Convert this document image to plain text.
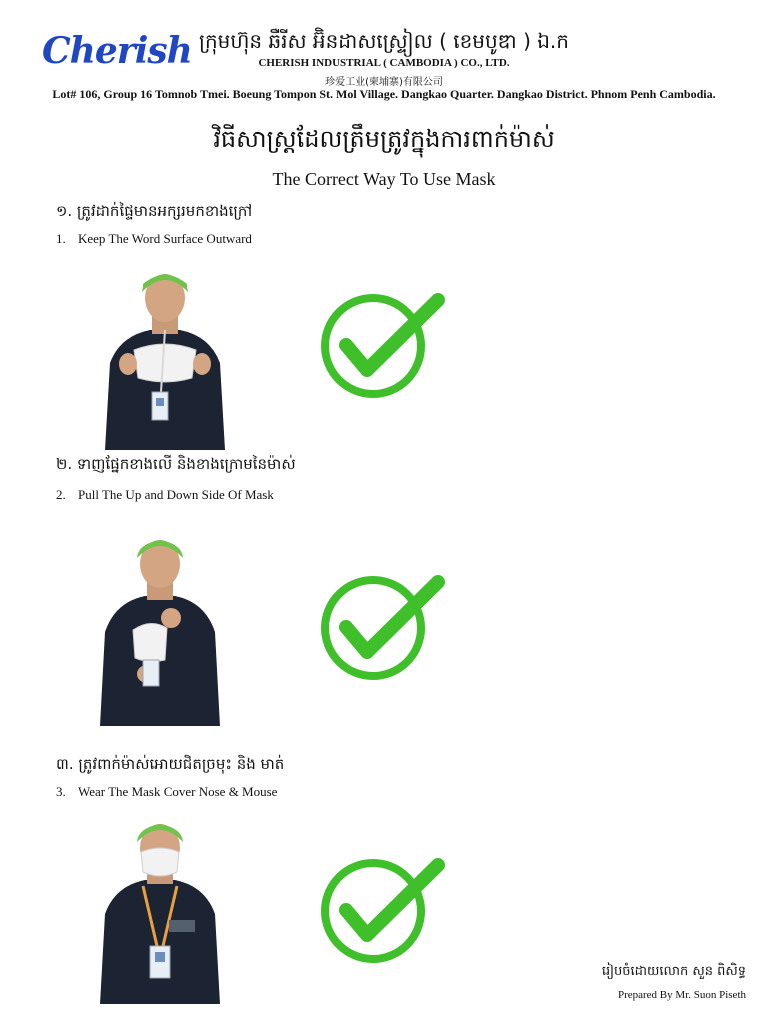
Cherish ក្រុមហ៊ុន ឆឺរីស អ៊ិនដាសស្ទ្រៀល ( ខេមបូឌា ) ឯ.ក
CHERISH INDUSTRIAL ( CAMBODIA ) CO., LTD.
珍爱工业(柬埔寨)有限公司
Lot# 106, Group 16 Tomnob Tmei. Boeung Tompon St. Mol Village. Dangkao Quarter. Dangkao District. Phnom Penh Cambodia.
វិធីសាស្ត្រដែលត្រឹមត្រូវក្នុងការពាក់ម៉ាស់
The Correct Way To Use Mask
១. ត្រូវដាក់ផ្ទៃមានអក្សរមកខាងក្រៅ
1. Keep The Word Surface Outward
២. ទាញផ្នែកខាងលើ និងខាងក្រោមនៃម៉ាស់
2. Pull The Up and Down Side Of Mask
៣. ត្រូវពាក់ម៉ាស់អោយជិតច្រមុះ និង មាត់
3. Wear The Mask Cover Nose & Mouse
រៀបចំដោយលោក សួន ពិសិទ្ធ
Prepared By Mr. Suon Piseth
